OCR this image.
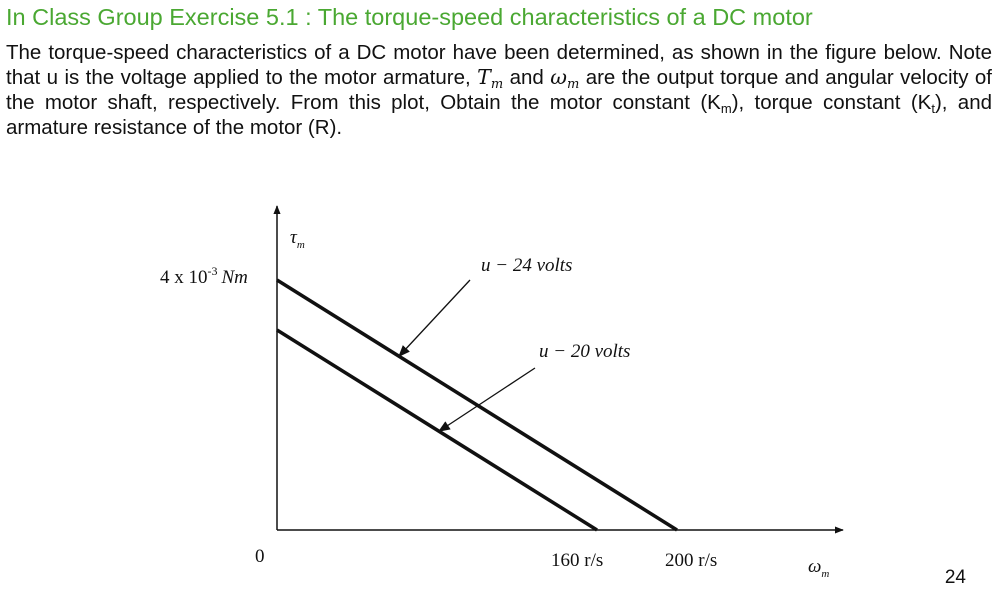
In Class Group Exercise 5.1 : The torque-speed characteristics of a DC motor

The torque-speed characteristics of a DC motor have been determined, as shown in the figure below. Note that u is the voltage applied to the motor armature, $T_m$ and $\omega_m$ are the output torque and angular velocity of the motor shaft, respectively. From this plot, Obtain the motor constant $(K_m)$, torque constant $(K_t)$, and armature resistance of the motor (R).

u − 24 volts
u − 20 volts
$\tau_m$
4 x $10^{-3}$ Nm
0	160 r/s	200 r/s	$\omega_m$	24
